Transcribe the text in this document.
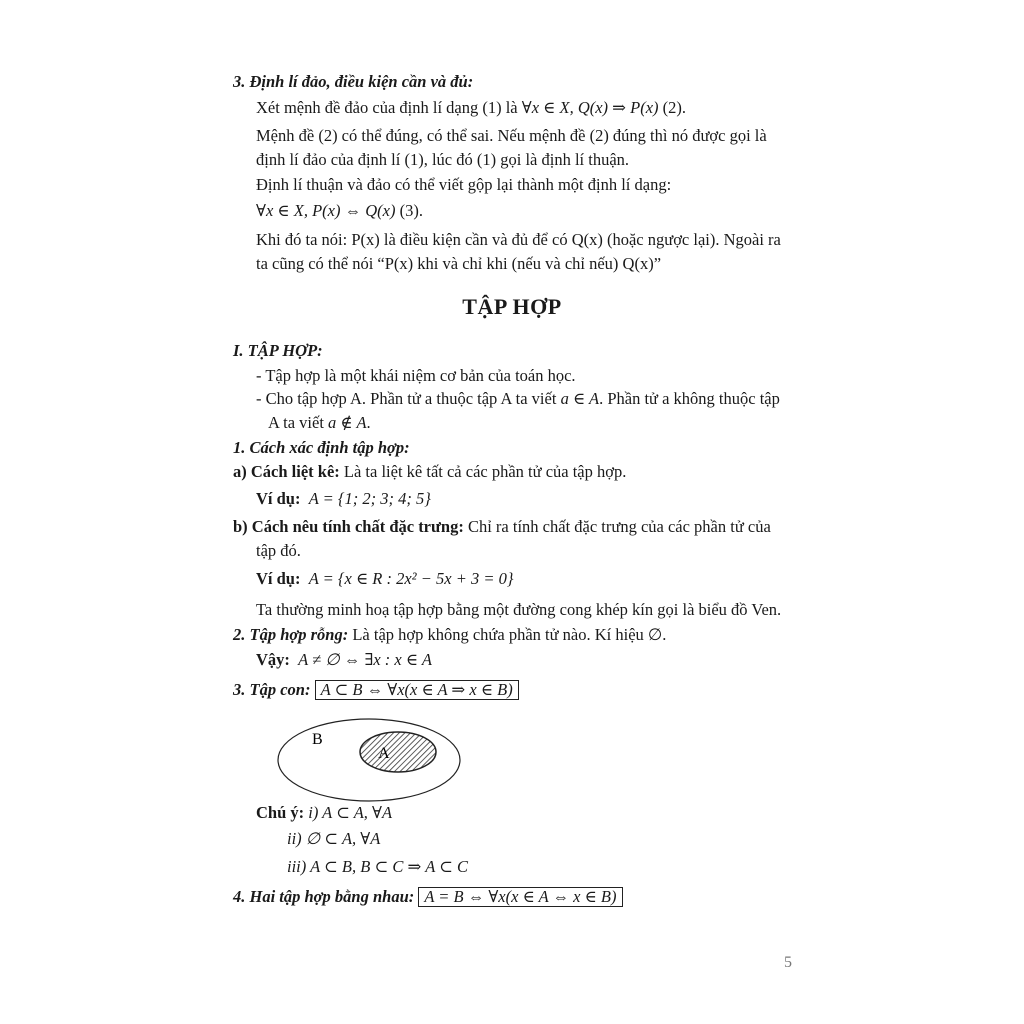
3. Định lí đảo, điều kiện cần và đủ:
Xét mệnh đề đảo của định lí dạng (1) là ∀x ∈ X, Q(x) ⇒ P(x) (2).
Mệnh đề (2) có thể đúng, có thể sai. Nếu mệnh đề (2) đúng thì nó được gọi là
định lí đảo của định lí (1), lúc đó (1) gọi là định lí thuận.
Định lí thuận và đảo có thể viết gộp lại thành một định lí dạng:
∀x ∈ X, P(x) ⇔ Q(x) (3).
Khi đó ta nói: P(x) là điều kiện cần và đủ để có Q(x) (hoặc ngược lại). Ngoài ra
ta cũng có thể nói “P(x) khi và chỉ khi (nếu và chỉ nếu) Q(x)”
TẬP HỢP
I. TẬP HỢP:
- Tập hợp là một khái niệm cơ bản của toán học.
- Cho tập hợp A. Phần tử a thuộc tập A ta viết a ∈ A. Phần tử a không thuộc tập
A ta viết a ∉ A.
1. Cách xác định tập hợp:
a) Cách liệt kê: Là ta liệt kê tất cả các phần tử của tập hợp.
Ví dụ: A = {1; 2; 3; 4; 5}
b) Cách nêu tính chất đặc trưng: Chỉ ra tính chất đặc trưng của các phần tử của
tập đó.
Ví dụ: A = {x ∈ R : 2x² − 5x + 3 = 0}
Ta thường minh hoạ tập hợp bằng một đường cong khép kín gọi là biểu đồ Ven.
2. Tập hợp rỗng: Là tập hợp không chứa phần tử nào. Kí hiệu ∅.
Vậy: A ≠ ∅ ⇔ ∃x : x ∈ A
3. Tập con: A ⊂ B ⇔ ∀x(x ∈ A ⇒ x ∈ B)
B
A
Chú ý: i) A ⊂ A, ∀A
ii) ∅ ⊂ A, ∀A
iii) A ⊂ B, B ⊂ C ⇒ A ⊂ C
4. Hai tập hợp bằng nhau: A = B ⇔ ∀x(x ∈ A ⇔ x ∈ B)
5
